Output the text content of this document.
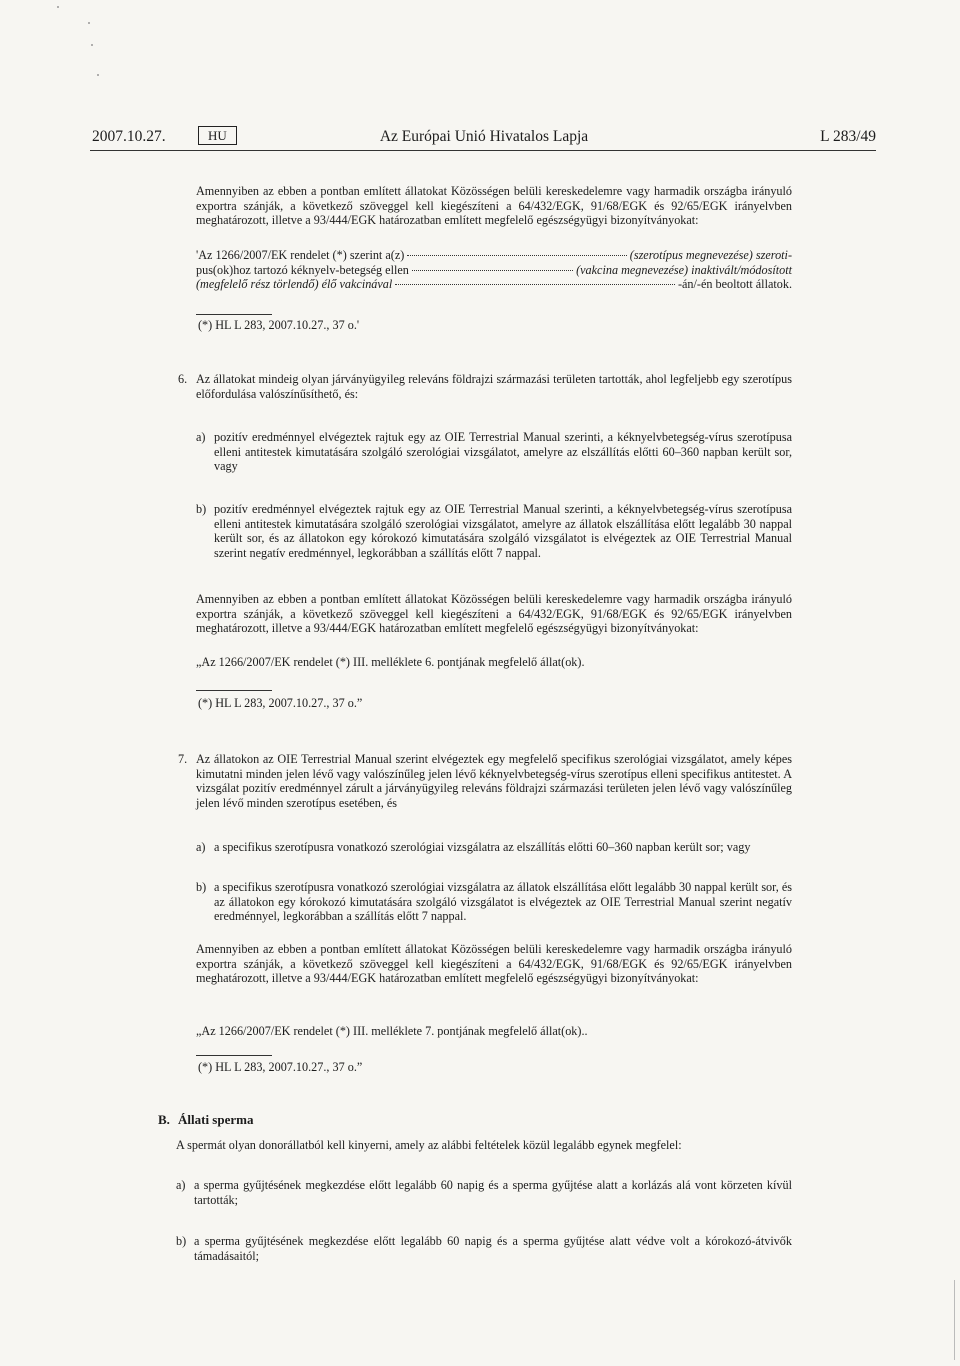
Az Európai Unió Hivatalos Lapja
2007.10.27.	HU	L 283/49

Amennyiben az ebben a pontban említett állatokat Közösségen belüli kereskedelemre vagy harmadik országba irányuló exportra szánják, a következő szöveggel kell kiegészíteni a 64/432/EGK, 91/68/EGK és 92/65/EGK irányelvben meghatározott, illetve a 93/444/EGK határozatban említett megfelelő egészségyügyi bizonyítványokat:

'Az 1266/2007/EK rendelet (*) szerint a(z)	(szerotípus megnevezése) szeroti-
pus(ok)hoz tartozó kéknyelv-betegség ellen	(vakcina megnevezése) inaktivált/módosított
(megfelelő rész törlendő) élő vakcinával	-án/-én beoltott állatok.
(*) HL L 283, 2007.10.27., 37 o.'
6. Az állatokat mindeig olyan járványügyileg releváns földrajzi származási területen tartották, ahol legfeljebb egy szerotípus előfordulása valószínűsíthető, és:

a) pozitív eredménnyel elvégeztek rajtuk egy az OIE Terrestrial Manual szerinti, a kéknyelvbetegség-vírus szerotípusa elleni antitestek kimutatására szolgáló szerológiai vizsgálatot, amelyre az elszállítás előtti 60–360 napban került sor, vagy

b) pozitív eredménnyel elvégeztek rajtuk egy az OIE Terrestrial Manual szerinti, a kéknyelvbetegség-vírus szerotípusa elleni antitestek kimutatására szolgáló szerológiai vizsgálatot, amelyre az állatok elszállítása előtt legalább 30 nappal került sor, és az állatokon egy kórokozó kimutatására szolgáló vizsgálatot is elvégeztek az OIE Terrestrial Manual szerint negatív eredménnyel, legkorábban a szállítás előtt 7 nappal.

Amennyiben az ebben a pontban említett állatokat Közösségen belüli kereskedelemre vagy harmadik országba irányuló exportra szánják, a következő szöveggel kell kiegészíteni a 64/432/EGK, 91/68/EGK és 92/65/EGK irányelvben meghatározott, illetve a 93/444/EGK határozatban említett megfelelő egészségyügyi bizonyítványokat:

„Az 1266/2007/EK rendelet (*) III. melléklete 6. pontjának megfelelő állat(ok).

(*) HL L 283, 2007.10.27., 37 o.”
7. Az állatokon az OIE Terrestrial Manual szerint elvégeztek egy megfelelő specifikus szerológiai vizsgálatot, amely képes kimutatni minden jelen lévő vagy valószínűleg jelen lévő kéknyelvbetegség-vírus szerotípus elleni specifikus antitestet. A vizsgálat pozitív eredménnyel zárult a járványügyileg releváns földrajzi származási területen jelen lévő vagy valószínűleg jelen lévő minden szerotípus esetében, és

a) a specifikus szerotípusra vonatkozó szerológiai vizsgálatra az elszállítás előtti 60–360 napban került sor; vagy

b) a specifikus szerotípusra vonatkozó szerológiai vizsgálatra az állatok elszállítása előtt legalább 30 nappal került sor, és az állatokon egy kórokozó kimutatására szolgáló vizsgálatot is elvégeztek az OIE Terrestrial Manual szerint negatív eredménnyel, legkorábban a szállítás előtt 7 nappal.

Amennyiben az ebben a pontban említett állatokat Közösségen belüli kereskedelemre vagy harmadik országba irányuló exportra szánják, a következő szöveggel kell kiegészíteni a 64/432/EGK, 91/68/EGK és 92/65/EGK irányelvben meghatározott, illetve a 93/444/EGK határozatban említett megfelelő egészségyügyi bizonyítványokat:

„Az 1266/2007/EK rendelet (*) III. melléklete 7. pontjának megfelelő állat(ok)..

(*) HL L 283, 2007.10.27., 37 o.”
B. Állati sperma

A spermát olyan donorállatból kell kinyerni, amely az alábbi feltételek közül legalább egynek megfelel:

a) a sperma gyűjtésének megkezdése előtt legalább 60 napig és a sperma gyűjtése alatt a korlázás alá vont körzeten kívül tartották;

b) a sperma gyűjtésének megkezdése előtt legalább 60 napig és a sperma gyűjtése alatt védve volt a kórokozó-átvivők támadásaitól;
